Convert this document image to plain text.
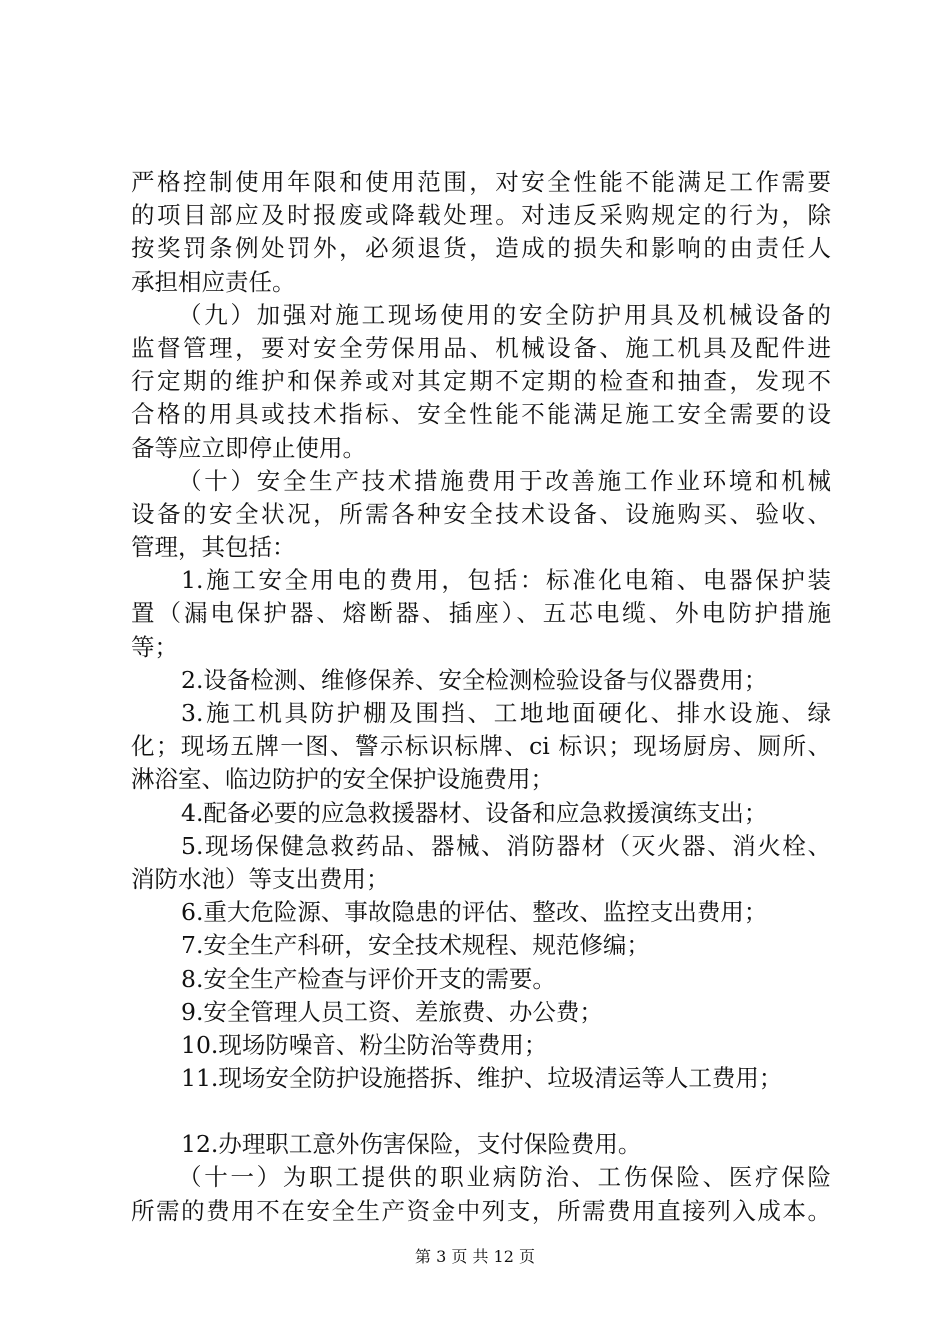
严格控制使用年限和使用范围，对安全性能不能满足工作需要
的项目部应及时报废或降载处理。对违反采购规定的行为，除
按奖罚条例处罚外，必须退货，造成的损失和影响的由责任人
承担相应责任。
（九）加强对施工现场使用的安全防护用具及机械设备的
监督管理，要对安全劳保用品、机械设备、施工机具及配件进
行定期的维护和保养或对其定期不定期的检查和抽查，发现不
合格的用具或技术指标、安全性能不能满足施工安全需要的设
备等应立即停止使用。
（十）安全生产技术措施费用于改善施工作业环境和机械
设备的安全状况，所需各种安全技术设备、设施购买、验收、
管理，其包括：
1.施工安全用电的费用，包括：标准化电箱、电器保护装
置（漏电保护器、熔断器、插座）、五芯电缆、外电防护措施
等；
2.设备检测、维修保养、安全检测检验设备与仪器费用；
3.施工机具防护棚及围挡、工地地面硬化、排水设施、绿
化；现场五牌一图、警示标识标牌、ci 标识；现场厨房、厕所、
淋浴室、临边防护的安全保护设施费用；
4.配备必要的应急救援器材、设备和应急救援演练支出；
5.现场保健急救药品、器械、消防器材（灭火器、消火栓、
消防水池）等支出费用；
6.重大危险源、事故隐患的评估、整改、监控支出费用；
7.安全生产科研，安全技术规程、规范修编；
8.安全生产检查与评价开支的需要。
9.安全管理人员工资、差旅费、办公费；
10.现场防噪音、粉尘防治等费用；
11.现场安全防护设施搭拆、维护、垃圾清运等人工费用；
12.办理职工意外伤害保险，支付保险费用。
（十一）为职工提供的职业病防治、工伤保险、医疗保险
所需的费用不在安全生产资金中列支，所需费用直接列入成本。
第 3 页 共 12 页
